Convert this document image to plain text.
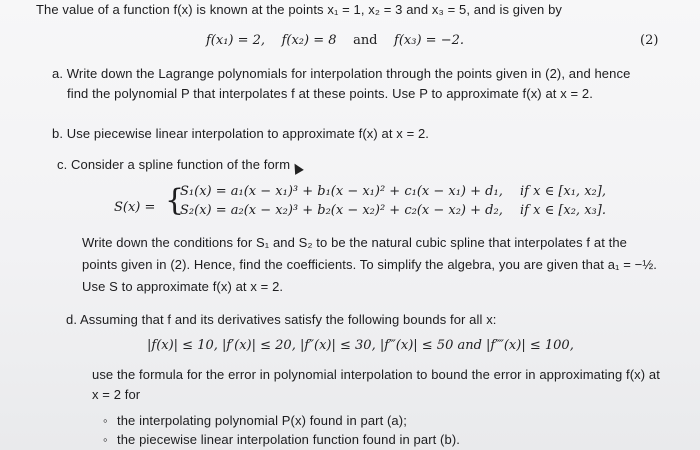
The value of a function f(x) is known at the points x₁ = 1, x₂ = 3 and x₃ = 5, and is given by
f(x₁) = 2, f(x₂) = 8 and f(x₃) = −2.	(2)
a. Write down the Lagrange polynomials for interpolation through the points given in (2), and hence
find the polynomial P that interpolates f at these points. Use P to approximate f(x) at x = 2.
b. Use piecewise linear interpolation to approximate f(x) at x = 2.
c. Consider a spline function of the form
S(x) = {
S₁(x) = a₁(x − x₁)³ + b₁(x − x₁)² + c₁(x − x₁) + d₁, if x ∈ [x₁, x₂],
S₂(x) = a₂(x − x₂)³ + b₂(x − x₂)² + c₂(x − x₂) + d₂, if x ∈ [x₂, x₃].
Write down the conditions for S₁ and S₂ to be the natural cubic spline that interpolates f at the
points given in (2). Hence, find the coefficients. To simplify the algebra, you are given that a₁ = −½.
Use S to approximate f(x) at x = 2.
d. Assuming that f and its derivatives satisfy the following bounds for all x:
|f(x)| ≤ 10, |f′(x)| ≤ 20, |f″(x)| ≤ 30, |f‴(x)| ≤ 50 and |f⁗(x)| ≤ 100,
use the formula for the error in polynomial interpolation to bound the error in approximating f(x) at
x = 2 for
◦ the interpolating polynomial P(x) found in part (a);
◦ the piecewise linear interpolation function found in part (b).
